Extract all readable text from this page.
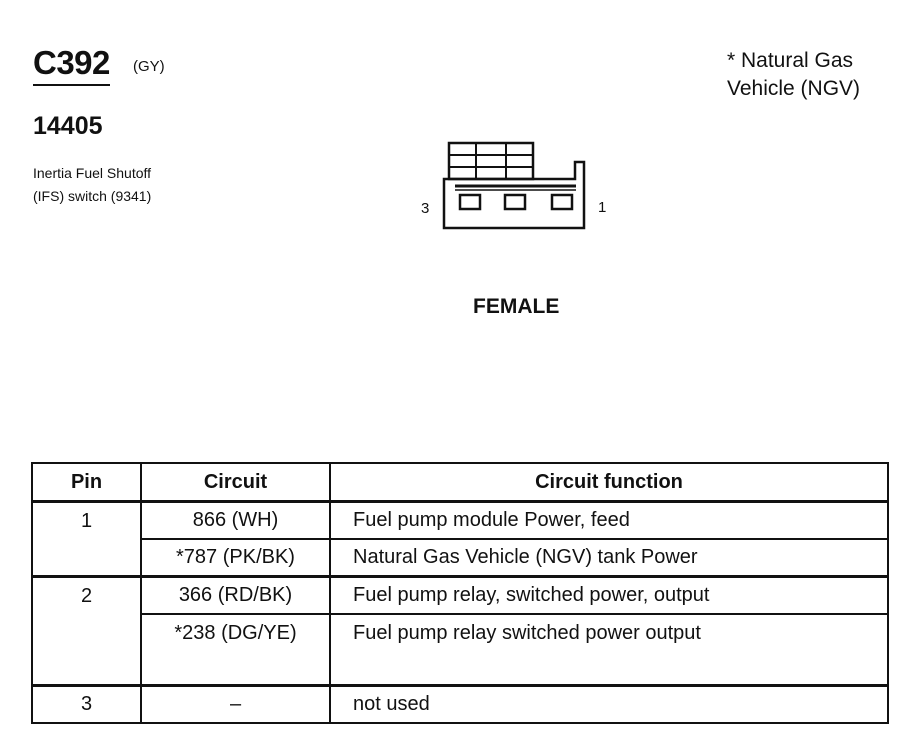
C392 (GY)
14405
Inertia Fuel Shutoff
(IFS) switch (9341)
* Natural Gas
Vehicle (NGV)
3	1
FEMALE
Pin	Circuit	Circuit function
1	866 (WH)	Fuel pump module Power, feed
	*787 (PK/BK)	Natural Gas Vehicle (NGV) tank Power
2	366 (RD/BK)	Fuel pump relay, switched power, output
	*238 (DG/YE)	Fuel pump relay switched power output
3	–	not used
